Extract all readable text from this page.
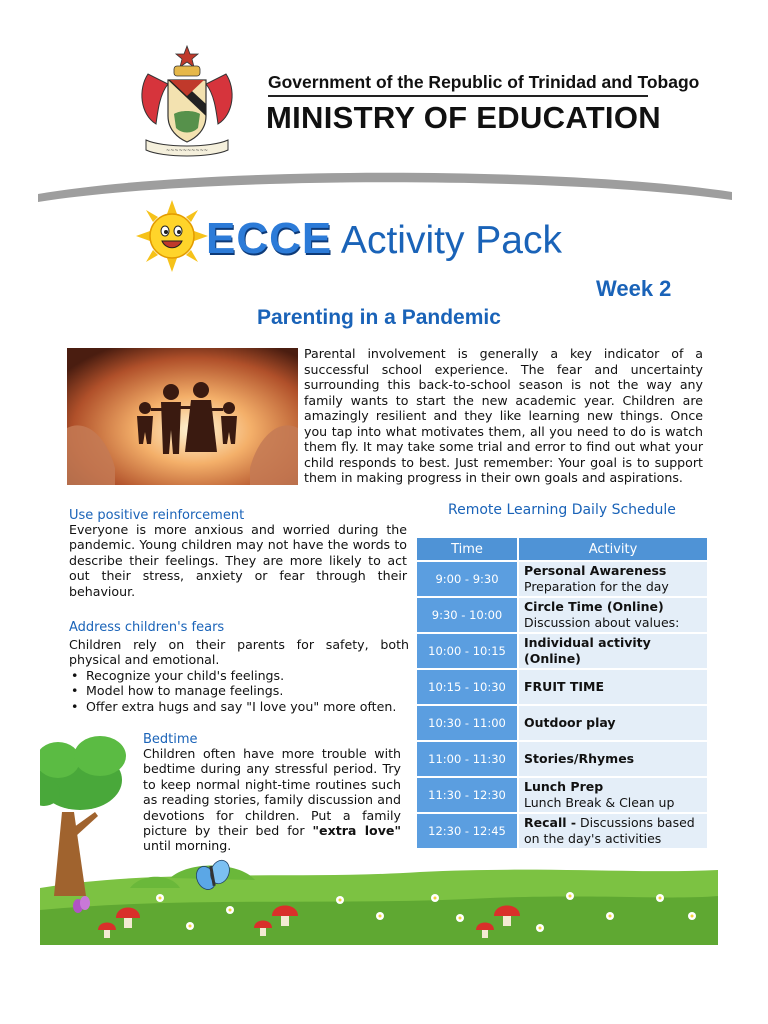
~~~~~~~~~~
Government of the Republic of Trinidad and Tobago
MINISTRY OF EDUCATION
ECCE Activity Pack
Week 2
Parenting in a Pandemic
Parental involvement is generally a key indicator of a successful school experience. The fear and uncertainty surrounding this back-to-school season is not the way any family wants to start the new academic year. Children are amazingly resilient and they like learning new things. Once you tap into what motivates them, all you need to do is watch them fly. It may take some trial and error to find out what your child responds to best. Just remember: Your goal is to support them in making progress in their own goals and aspirations.
Use positive reinforcement
Everyone is more anxious and worried during the pandemic. Young children may not have the words to describe their feelings. They are more likely to act out their stress, anxiety or fear through their behaviour.
Address children's fears
Children rely on their parents for safety, both physical and emotional.
• Recognize your child's feelings.
• Model how to manage feelings.
• Offer extra hugs and say "I love you" more often.
Bedtime
Children often have more trouble with bedtime during any stressful period. Try to keep normal night-time routines such as reading stories, family discussion and devotions for children. Put a family picture by their bed for "extra love" until morning.
Remote Learning Daily Schedule
Time	Activity
9:00 - 9:30	Personal Awareness
Preparation for the day

9:30 - 10:00	Circle Time (Online)
Discussion about values:

10:00 - 10:15	Individual activity (Online)

10:15 - 10:30	FRUIT TIME

10:30 - 11:00	Outdoor play

11:00 - 11:30	Stories/Rhymes

11:30 - 12:30	Lunch Prep
Lunch Break & Clean up

12:30 - 12:45	Recall - Discussions based on the day's activities
